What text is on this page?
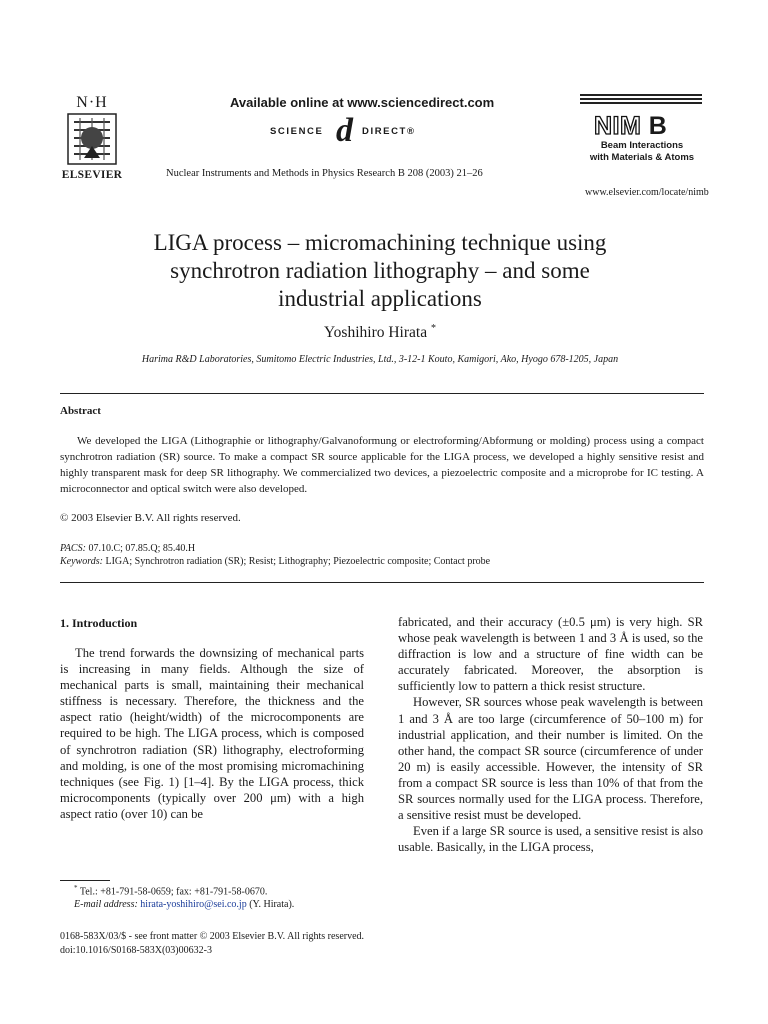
N·H
ELSEVIER
Available online at www.sciencedirect.com
SCIENCE d DIRECT®
Nuclear Instruments and Methods in Physics Research B 208 (2003) 21–26
www.elsevier.com/locate/nimb
NIM B
Beam Interactions
with Materials & Atoms
LIGA process – micromachining technique using
synchrotron radiation lithography – and some
industrial applications
Yoshihiro Hirata *
Harima R&D Laboratories, Sumitomo Electric Industries, Ltd., 3-12-1 Kouto, Kamigori, Ako, Hyogo 678-1205, Japan
Abstract

We developed the LIGA (Lithographie or lithography/Galvanoformung or electroforming/Abformung or molding) process using a compact synchrotron radiation (SR) source. To make a compact SR source applicable for the LIGA process, we developed a highly sensitive resist and highly transparent mask for deep SR lithography. We commercialized two devices, a piezoelectric composite and a microprobe for IC testing. A microconnector and optical switch were also developed.

© 2003 Elsevier B.V. All rights reserved.
PACS: 07.10.C; 07.85.Q; 85.40.H
Keywords: LIGA; Synchrotron radiation (SR); Resist; Lithography; Piezoelectric composite; Contact probe
1. Introduction

The trend forwards the downsizing of mechanical parts is increasing in many fields. Although the size of mechanical parts is small, maintaining their mechanical stiffness is necessary. Therefore, the thickness and the aspect ratio (height/width) of the microcomponents are required to be high. The LIGA process, which is composed of synchrotron radiation (SR) lithography, electroforming and molding, is one of the most promising micromachining techniques (see Fig. 1) [1–4]. By the LIGA process, thick microcomponents (typically over 200 μm) with a high aspect ratio (over 10) can be

fabricated, and their accuracy (±0.5 μm) is very high. SR whose peak wavelength is between 1 and 3 Å is used, so the diffraction is low and a structure of fine width can be accurately fabricated. Moreover, the absorption is sufficiently low to pattern a thick resist structure.

However, SR sources whose peak wavelength is between 1 and 3 Å are too large (circumference of 50–100 m) for industrial application, and their number is limited. On the other hand, the compact SR source (circumference of under 20 m) is easily accessible. However, the intensity of SR from a compact SR source is less than 10% of that from the SR sources normally used for the LIGA process. Therefore, a sensitive resist must be developed.

Even if a large SR source is used, a sensitive resist is also usable. Basically, in the LIGA process,

* Tel.: +81-791-58-0659; fax: +81-791-58-0670.
E-mail address: hirata-yoshihiro@sei.co.jp (Y. Hirata).
0168-583X/03/$ - see front matter © 2003 Elsevier B.V. All rights reserved.
doi:10.1016/S0168-583X(03)00632-3
